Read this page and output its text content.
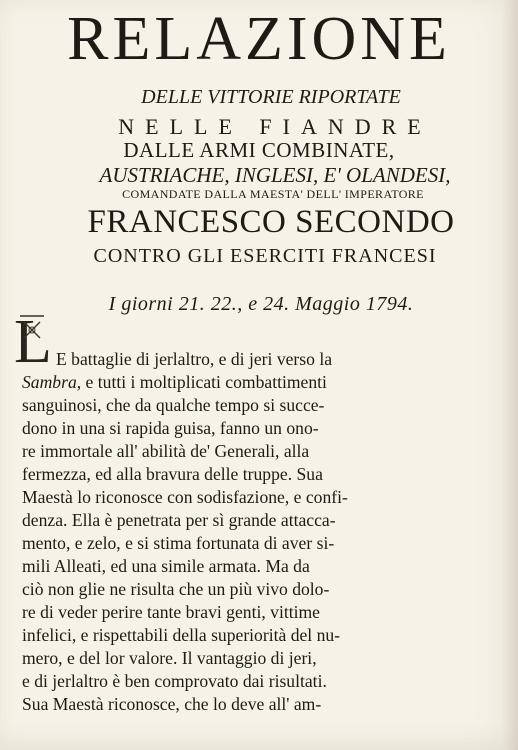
RELAZIONE
DELLE VITTORIE RIPORTATE
NELLE FIANDRE
DALLE ARMI COMBINATE,
AUSTRIACHE, INGLESI, E' OLANDESI,
COMANDATE DALLA MAESTA' DELL' IMPERATORE
FRANCESCO SECONDO
CONTRO GLI ESERCITI FRANCESI
I giorni 21. 22., e 24. Maggio 1794.
L E battaglie di jerlaltro, e di jeri verso la
Sambra, e tutti i moltiplicati combattimenti
sanguinosi, che da qualche tempo si succe-
dono in una si rapida guisa, fanno un ono-
re immortale all' abilità de' Generali, alla
fermezza, ed alla bravura delle truppe. Sua
Maestà lo riconosce con sodisfazione, e confi-
denza. Ella è penetrata per sì grande attacca-
mento, e zelo, e si stima fortunata di aver si-
mili Alleati, ed una simile armata. Ma da
ciò non glie ne risulta che un più vivo dolo-
re di veder perire tante bravi genti, vittime
infelici, e rispettabili della superiorità del nu-
mero, e del lor valore. Il vantaggio di jeri,
e di jerlaltro è ben comprovato dai risultati.
Sua Maestà riconosce, che lo deve all' am-
